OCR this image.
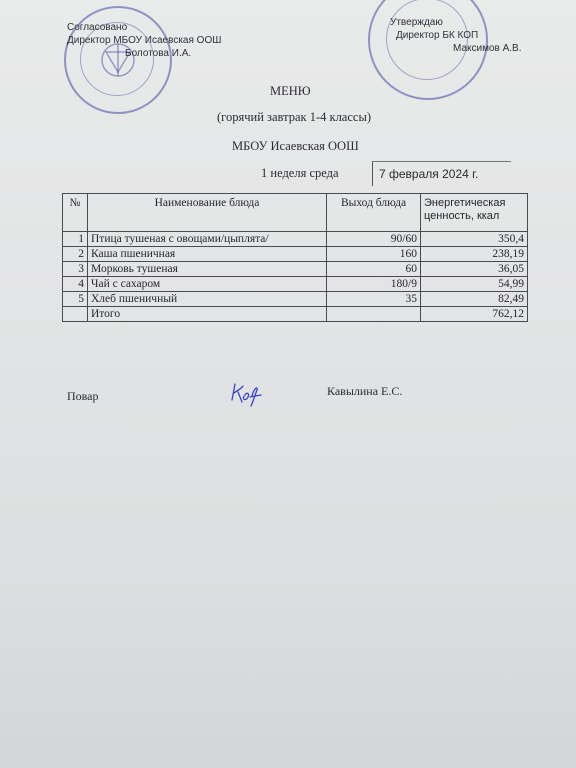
Согласовано
Директор МБОУ Исаевская ООШ
Болотова И.А.
Утверждаю
Директор БК КОП
Максимов А.В.
МЕНЮ
(горячий завтрак 1-4 классы)
МБОУ Исаевская ООШ
1 неделя среда	7 февраля 2024 г.
№	Наименование блюда	Выход блюда	Энергетическая
ценность, ккал

1	Птица тушеная с овощами/цыплята/	90/60	350,4
2	Каша пшеничная	160	238,19
3	Морковь тушеная	60	36,05
4	Чай с сахаром	180/9	54,99
5	Хлеб пшеничный	35	82,49
	Итого		762,12
Повар	Кавылина Е.С.
